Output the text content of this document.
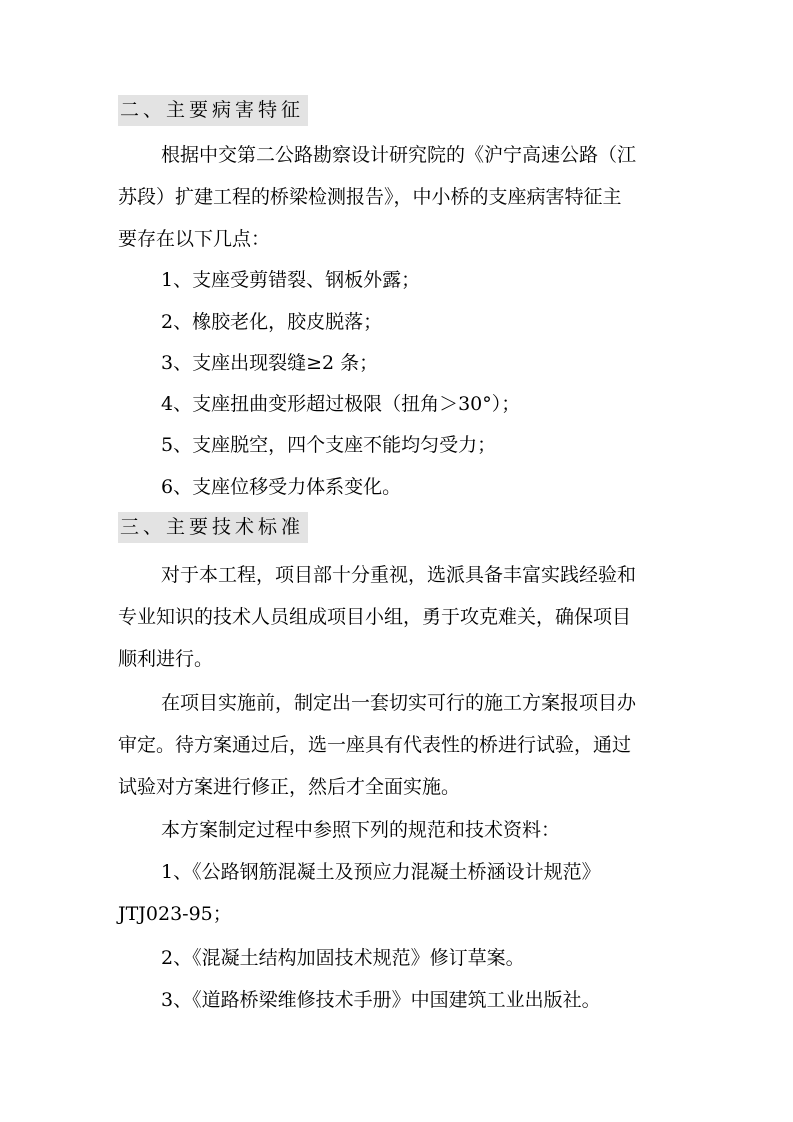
二、主要病害特征
根据中交第二公路勘察设计研究院的《沪宁高速公路（江
苏段）扩建工程的桥梁检测报告》，中小桥的支座病害特征主
要存在以下几点：
1、支座受剪错裂、钢板外露；
2、橡胶老化，胶皮脱落；
3、支座出现裂缝≥2 条；
4、支座扭曲变形超过极限（扭角＞30°）；
5、支座脱空，四个支座不能均匀受力；
6、支座位移受力体系变化。
三、主要技术标准
对于本工程，项目部十分重视，选派具备丰富实践经验和
专业知识的技术人员组成项目小组，勇于攻克难关，确保项目
顺利进行。
在项目实施前，制定出一套切实可行的施工方案报项目办
审定。待方案通过后，选一座具有代表性的桥进行试验，通过
试验对方案进行修正，然后才全面实施。
本方案制定过程中参照下列的规范和技术资料：
1、《公路钢筋混凝土及预应力混凝土桥涵设计规范》
JTJ023-95；
2、《混凝土结构加固技术规范》修订草案。
3、《道路桥梁维修技术手册》中国建筑工业出版社。
